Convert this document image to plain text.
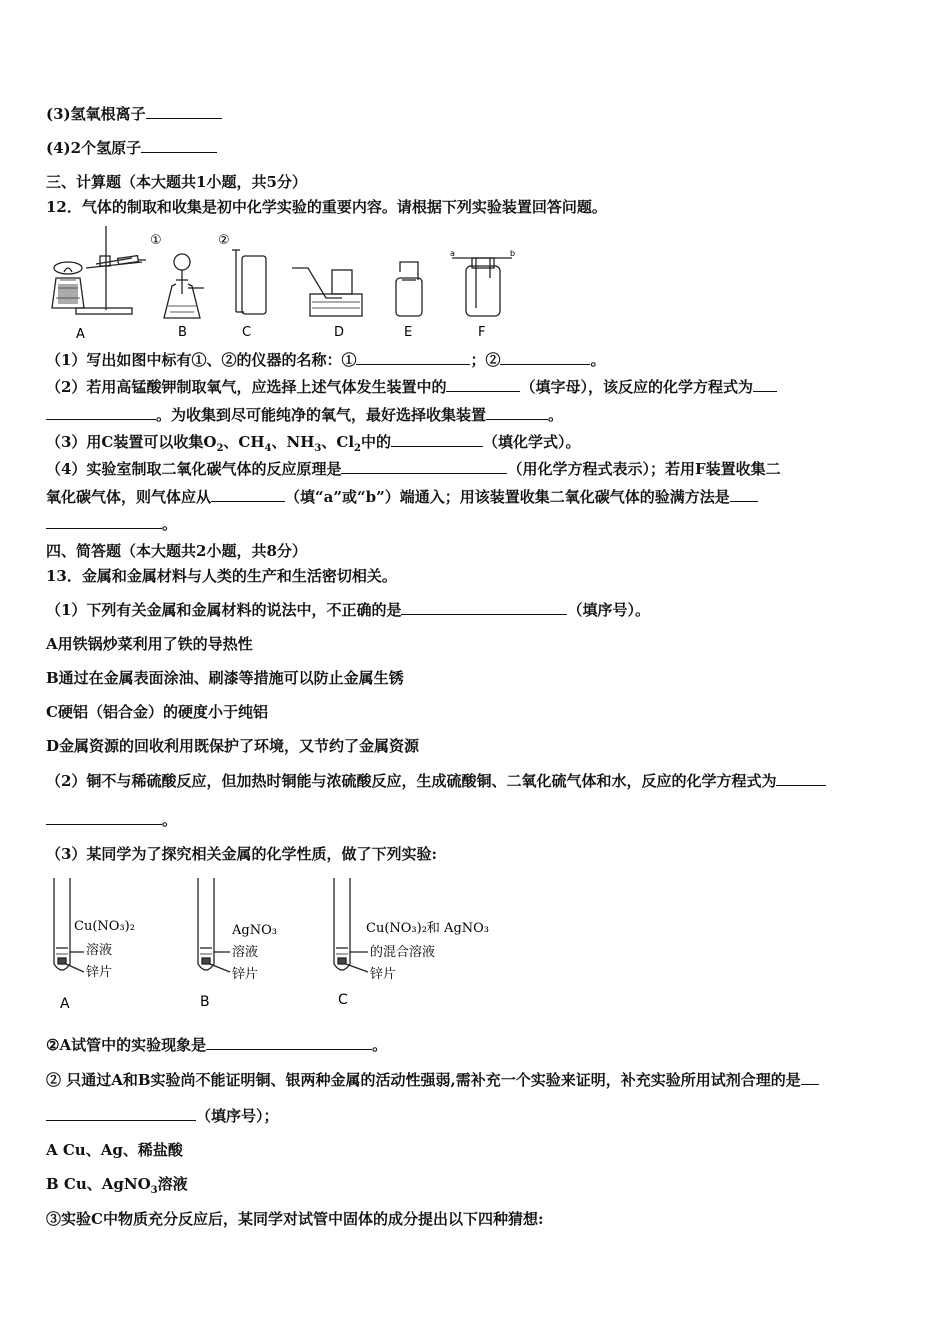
(3)氢氧根离子
(4)2个氢原子
三、计算题（本大题共1小题，共5分）
12．气体的制取和收集是初中化学实验的重要内容。请根据下列实验装置回答问题。
①	②
a	b
A	B	C	D	E	F
（1）写出如图中标有①、②的仪器的名称：①	；②	。
（2）若用高锰酸钾制取氧气，应选择上述气体发生装置中的	（填字母），该反应的化学方程式为
。为收集到尽可能纯净的氧气，最好选择收集装置	。
（3）用C装置可以收集$O_2$、$CH_4$、$NH_3$、$Cl_2$中的	（填化学式）。
（4）实验室制取二氧化碳气体的反应原理是	（用化学方程式表示）；若用F装置收集二
氧化碳气体，则气体应从	（填“a”或“b”）端通入；用该装置收集二氧化碳气体的验满方法是
。
四、简答题（本大题共2小题，共8分）
13．金属和金属材料与人类的生产和生活密切相关。
（1）下列有关金属和金属材料的说法中，不正确的是	（填序号）。
A用铁锅炒菜利用了铁的导热性
B通过在金属表面涂油、刷漆等措施可以防止金属生锈
C硬铝（铝合金）的硬度小于纯铝
D金属资源的回收利用既保护了环境，又节约了金属资源
（2）铜不与稀硫酸反应，但加热时铜能与浓硫酸反应，生成硫酸铜、二氧化硫气体和水，反应的化学方程式为
。
（3）某同学为了探究相关金属的化学性质，做了下列实验:
Cu(NO₃)₂
溶液
锌片
A
AgNO₃
溶液
锌片
B
Cu(NO₃)₂和 AgNO₃
的混合溶液
锌片
C
②A试管中的实验现象是	。
② 只通过A和B实验尚不能证明铜、银两种金属的活动性强弱,需补充一个实验来证明，补充实验所用试剂合理的是
（填序号）；
A Cu、Ag、稀盐酸
B Cu、AgNO$_3$溶液
③实验C中物质充分反应后，某同学对试管中固体的成分提出以下四种猜想:
